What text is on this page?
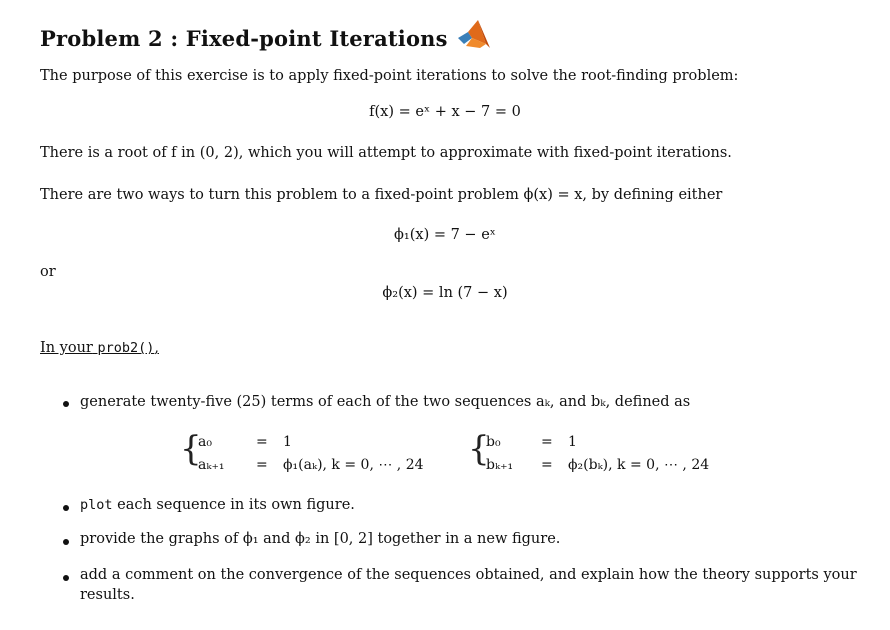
Problem 2 : Fixed-point Iterations
The purpose of this exercise is to apply fixed-point iterations to solve the root-finding problem:
f(x) = eˣ + x − 7 = 0
There is a root of f in (0, 2), which you will attempt to approximate with fixed-point iterations.
There are two ways to turn this problem to a fixed-point problem ϕ(x) = x, by defining either
ϕ₁(x) = 7 − eˣ
or
ϕ₂(x) = ln (7 − x)
In your prob2(),
generate twenty-five (25) terms of each of the two sequences aₖ, and bₖ, defined as
{
a₀	= 1
aₖ₊₁ = ϕ₁(aₖ), k = 0, ⋯ , 24 {
b₀	= 1
bₖ₊₁ = ϕ₂(bₖ), k = 0, ⋯ , 24
plot each sequence in its own figure.
provide the graphs of ϕ₁ and ϕ₂ in [0, 2] together in a new figure.
add a comment on the convergence of the sequences obtained, and explain how the theory supports your
results.
